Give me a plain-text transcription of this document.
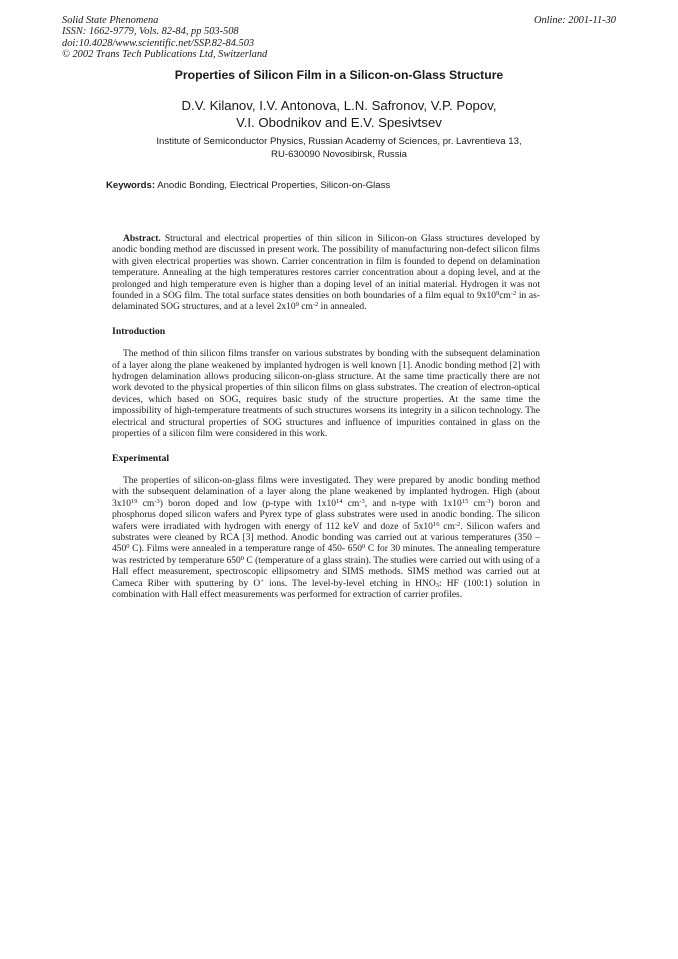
Solid State Phenomena
ISSN: 1662-9779, Vols. 82-84, pp 503-508
doi:10.4028/www.scientific.net/SSP.82-84.503
© 2002 Trans Tech Publications Ltd, Switzerland
Online: 2001-11-30
Properties of Silicon Film in a Silicon-on-Glass Structure
D.V. Kilanov, I.V. Antonova, L.N. Safronov, V.P. Popov,
V.I. Obodnikov and E.V. Spesivtsev
Institute of Semiconductor Physics, Russian Academy of Sciences, pr. Lavrentieva 13,
RU-630090 Novosibirsk, Russia
Keywords: Anodic Bonding, Electrical Properties, Silicon-on-Glass

Abstract. Structural and electrical properties of thin silicon in Silicon-on Glass structures developed by anodic bonding method are discussed in present work. The possibility of manufacturing non-defect silicon films with given electrical properties was shown. Carrier concentration in film is founded to depend on delamination temperature. Annealing at the high temperatures restores carrier concentration about a doping level, and at the prolonged and high temperature even is higher than a doping level of an initial material. Hydrogen it was not founded in a SOG film. The total surface states densities on both boundaries of a film equal to $9x10^9cm^{-2}$ in as-delaminated SOG structures, and at a level $2x10^9$ $cm^{-2}$ in annealed.

Introduction

The method of thin silicon films transfer on various substrates by bonding with the subsequent delamination of a layer along the plane weakened by implanted hydrogen is well known [1]. Anodic bonding method [2] with hydrogen delamination allows producing silicon-on-glass structure. At the same time practically there are not work devoted to the physical properties of thin silicon films on glass substrates. The creation of electron-optical devices, which based on SOG, requires basic study of the structure properties. At the same time the impossibility of high-temperature treatments of such structures worsens its integrity in a silicon technology. The electrical and structural properties of SOG structures and influence of impurities contained in glass on the properties of a silicon film were considered in this work.

Experimental

The properties of silicon-on-glass films were investigated. They were prepared by anodic bonding method with the subsequent delamination of a layer along the plane weakened by implanted hydrogen. High (about $3x10^{19}$ $cm^{-3}$) boron doped and low (p-type with $1x10^{14}$ $cm^{-3}$, and n-type with $1x10^{15}$ $cm^{-3}$) boron and phosphorus doped silicon wafers and Pyrex type of glass substrates were used in anodic bonding. The silicon wafers were irradiated with hydrogen with energy of 112 keV and doze of $5x10^{16}$ $cm^{-2}$. Silicon wafers and substrates were cleaned by RCA [3] method. Anodic bonding was carried out at various temperatures ($350 - 450^0$ C). Films were annealed in a temperature range of 450- $650^0$ C for 30 minutes. The annealing temperature was restricted by temperature $650^0$ C (temperature of a glass strain). The studies were carried out with using of a Hall effect measurement, spectroscopic ellipsometry and SIMS methods. SIMS method was carried out at Cameca Riber with sputtering by O+ ions. The level-by-level etching in $HNO_3$: HF (100:1) solution in combination with Hall effect measurements was performed for extraction of carrier profiles.
